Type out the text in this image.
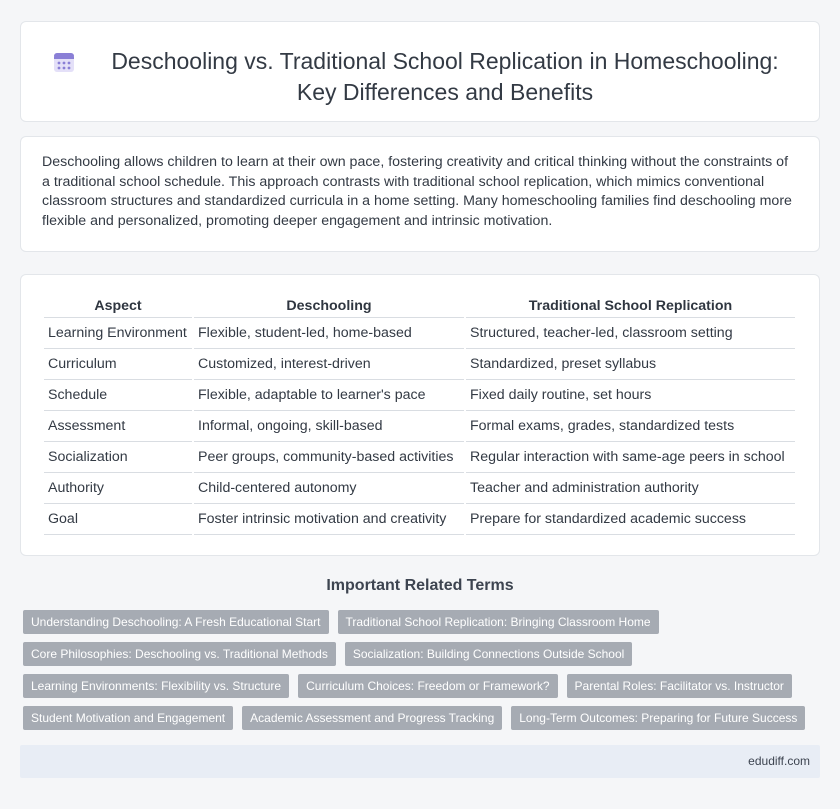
Deschooling vs. Traditional School Replication in Homeschooling: Key Differences and Benefits

Deschooling allows children to learn at their own pace, fostering creativity and critical thinking without the constraints of a traditional school schedule. This approach contrasts with traditional school replication, which mimics conventional classroom structures and standardized curricula in a home setting. Many homeschooling families find deschooling more flexible and personalized, promoting deeper engagement and intrinsic motivation.

Aspect	Deschooling	Traditional School Replication
Learning Environment	Flexible, student-led, home-based	Structured, teacher-led, classroom setting
Curriculum	Customized, interest-driven	Standardized, preset syllabus
Schedule	Flexible, adaptable to learner's pace	Fixed daily routine, set hours
Assessment	Informal, ongoing, skill-based	Formal exams, grades, standardized tests
Socialization	Peer groups, community-based activities	Regular interaction with same-age peers in school
Authority	Child-centered autonomy	Teacher and administration authority
Goal	Foster intrinsic motivation and creativity	Prepare for standardized academic success
Important Related Terms
Understanding Deschooling: A Fresh Educational Start	Traditional School Replication: Bringing Classroom Home
Core Philosophies: Deschooling vs. Traditional Methods	Socialization: Building Connections Outside School
Learning Environments: Flexibility vs. Structure	Curriculum Choices: Freedom or Framework?	Parental Roles: Facilitator vs. Instructor
Student Motivation and Engagement	Academic Assessment and Progress Tracking	Long-Term Outcomes: Preparing for Future Success
edudiff.com
